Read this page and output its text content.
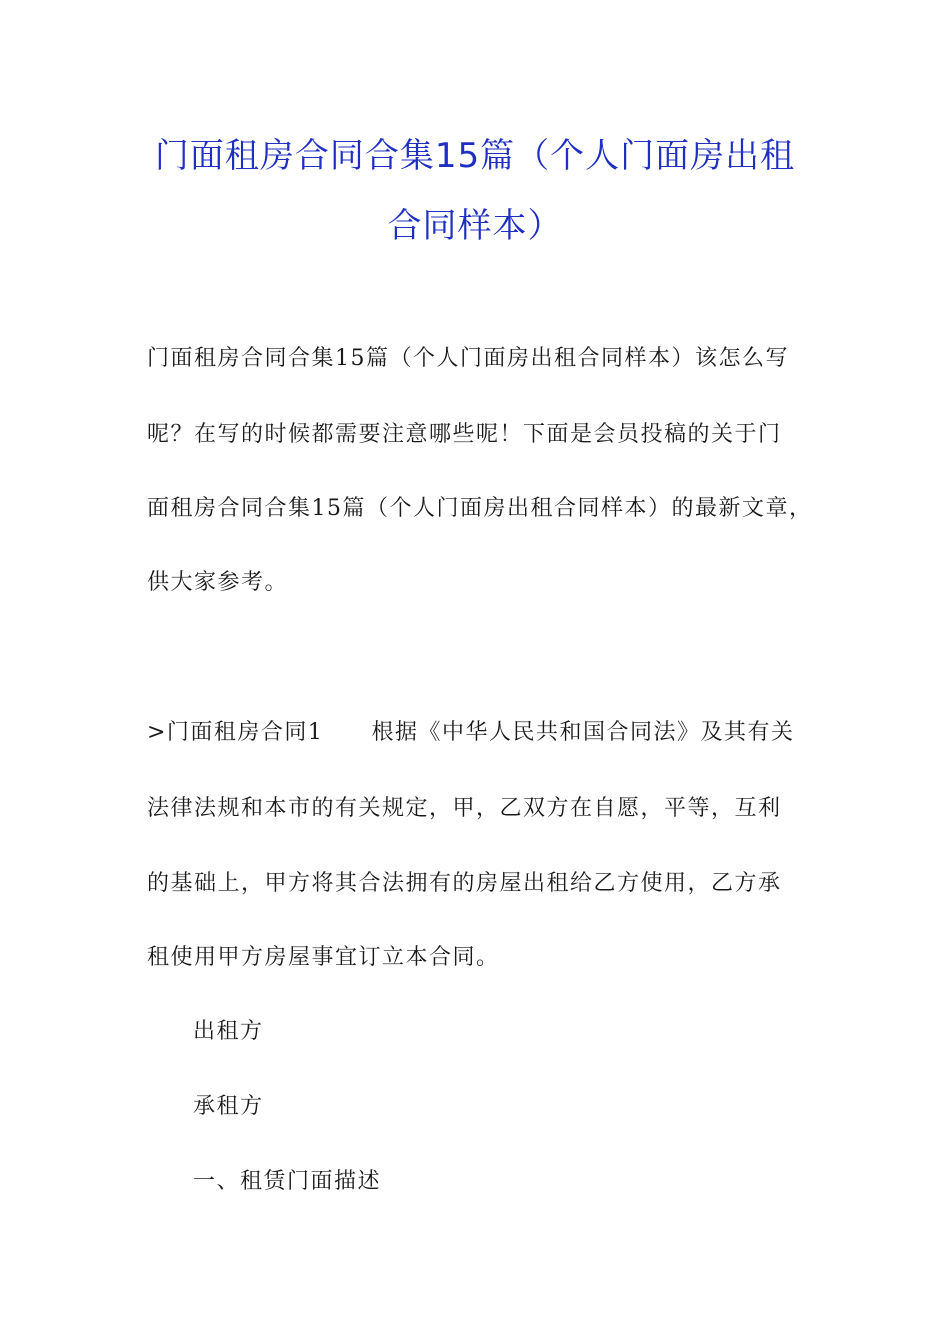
门面租房合同合集15篇（个人门面房出租
合同样本）
门面租房合同合集15篇（个人门面房出租合同样本）该怎么写
呢？在写的时候都需要注意哪些呢！下面是会员投稿的关于门
面租房合同合集15篇（个人门面房出租合同样本）的最新文章，
供大家参考。
>门面租房合同1 根据《中华人民共和国合同法》及其有关
法律法规和本市的有关规定，甲，乙双方在自愿，平等，互利
的基础上，甲方将其合法拥有的房屋出租给乙方使用，乙方承
租使用甲方房屋事宜订立本合同。
出租方
承租方
一、租赁门面描述
